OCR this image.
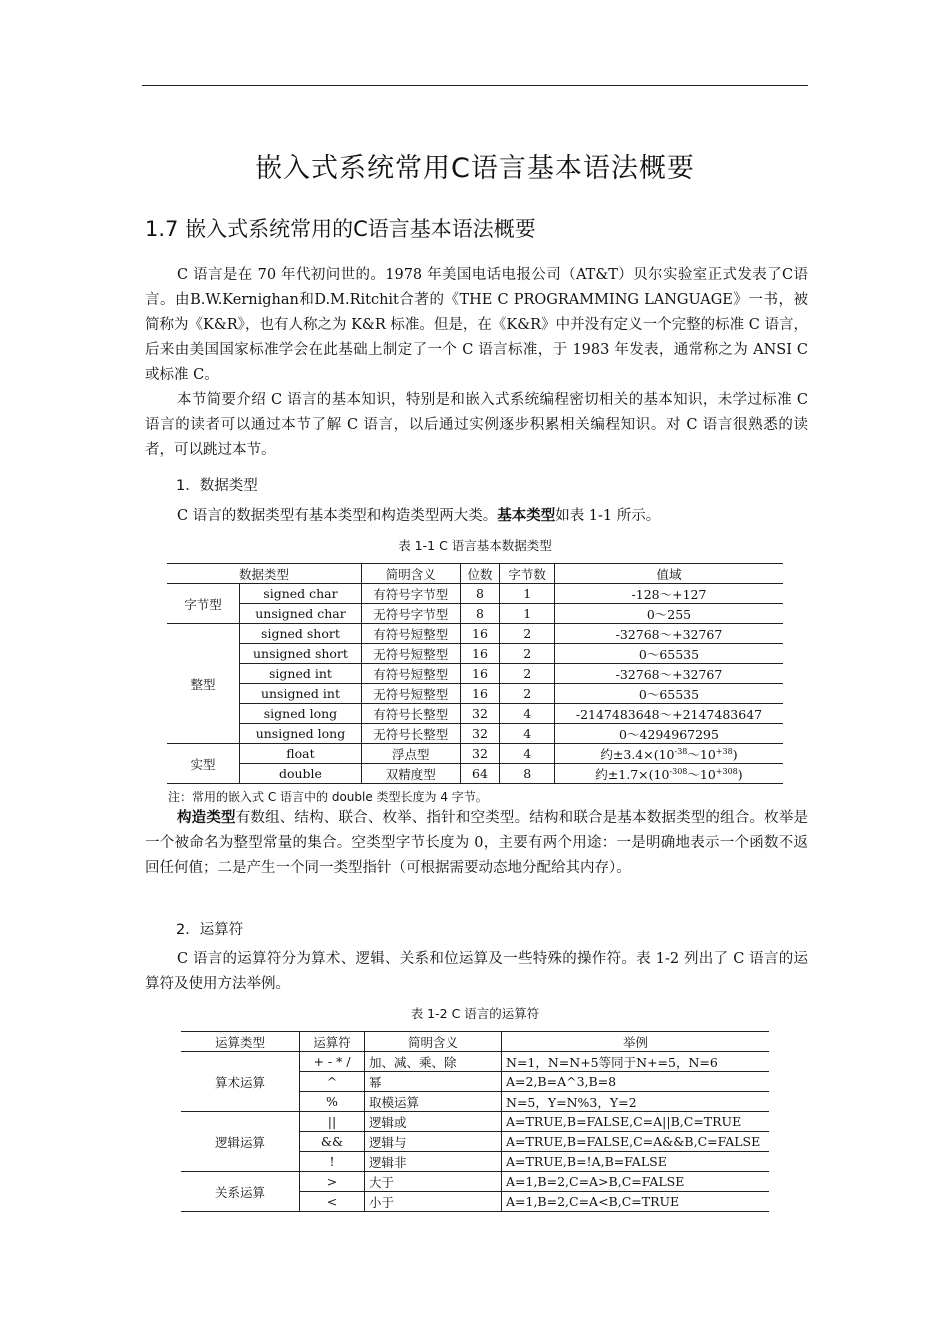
嵌入式系统常用C语言基本语法概要
1.7 嵌入式系统常用的C语言基本语法概要
C 语言是在 70 年代初问世的。1978 年美国电话电报公司（AT&T）贝尔实验室正式发表了C语言。由B.W.Kernighan和D.M.Ritchit合著的《THE C PROGRAMMING LANGUAGE》一书，被简称为《K&R》，也有人称之为 K&R 标准。但是，在《K&R》中并没有定义一个完整的标准 C 语言，后来由美国国家标准学会在此基础上制定了一个 C 语言标准，于 1983 年发表，通常称之为 ANSI C 或标准 C。
本节简要介绍 C 语言的基本知识，特别是和嵌入式系统编程密切相关的基本知识，未学过标准 C 语言的读者可以通过本节了解 C 语言，以后通过实例逐步积累相关编程知识。对 C 语言很熟悉的读者，可以跳过本节。
1．数据类型
C 语言的数据类型有基本类型和构造类型两大类。基本类型如表 1-1 所示。
表 1-1 C 语言基本数据类型
数据类型		简明含义	位数	字节数	值域
字节型	signed char	有符号字节型	8	1	-128～+127
	unsigned char	无符号字节型	8	1	0～255
整型	signed short	有符号短整型	16	2	-32768～+32767
	unsigned short	无符号短整型	16	2	0～65535
	signed int	有符号短整型	16	2	-32768～+32767
	unsigned int	无符号短整型	16	2	0～65535
	signed long	有符号长整型	32	4	-2147483648～+2147483647
	unsigned long	无符号长整型	32	4	0～4294967295
实型	float	浮点型	32	4	约$\pm 3.4\times(10^{-38}\sim 10^{+38})$
	double	双精度型	64	8	约$\pm 1.7\times(10^{-308}\sim 10^{+308})$
注：常用的嵌入式 C 语言中的 double 类型长度为 4 字节。
构造类型有数组、结构、联合、枚举、指针和空类型。结构和联合是基本数据类型的组合。枚举是一个被命名为整型常量的集合。空类型字节长度为 0，主要有两个用途：一是明确地表示一个函数不返回任何值；二是产生一个同一类型指针（可根据需要动态地分配给其内存）。
2．运算符
C 语言的运算符分为算术、逻辑、关系和位运算及一些特殊的操作符。表 1-2 列出了 C 语言的运算符及使用方法举例。
表 1-2 C 语言的运算符
运算类型	运算符	简明含义	举例
算术运算	+ - * /	加、减、乘、除	N=1，N=N+5等同于N+=5，N=6
	^	幂	A=2,B=A^3,B=8
	%	取模运算	N=5，Y=N%3，Y=2
逻辑运算	||	逻辑或	A=TRUE,B=FALSE,C=A||B,C=TRUE
	&&	逻辑与	A=TRUE,B=FALSE,C=A&&B,C=FALSE
	!	逻辑非	A=TRUE,B=!A,B=FALSE
关系运算	>	大于	A=1,B=2,C=A>B,C=FALSE
	<	小于	A=1,B=2,C=A<B,C=TRUE
